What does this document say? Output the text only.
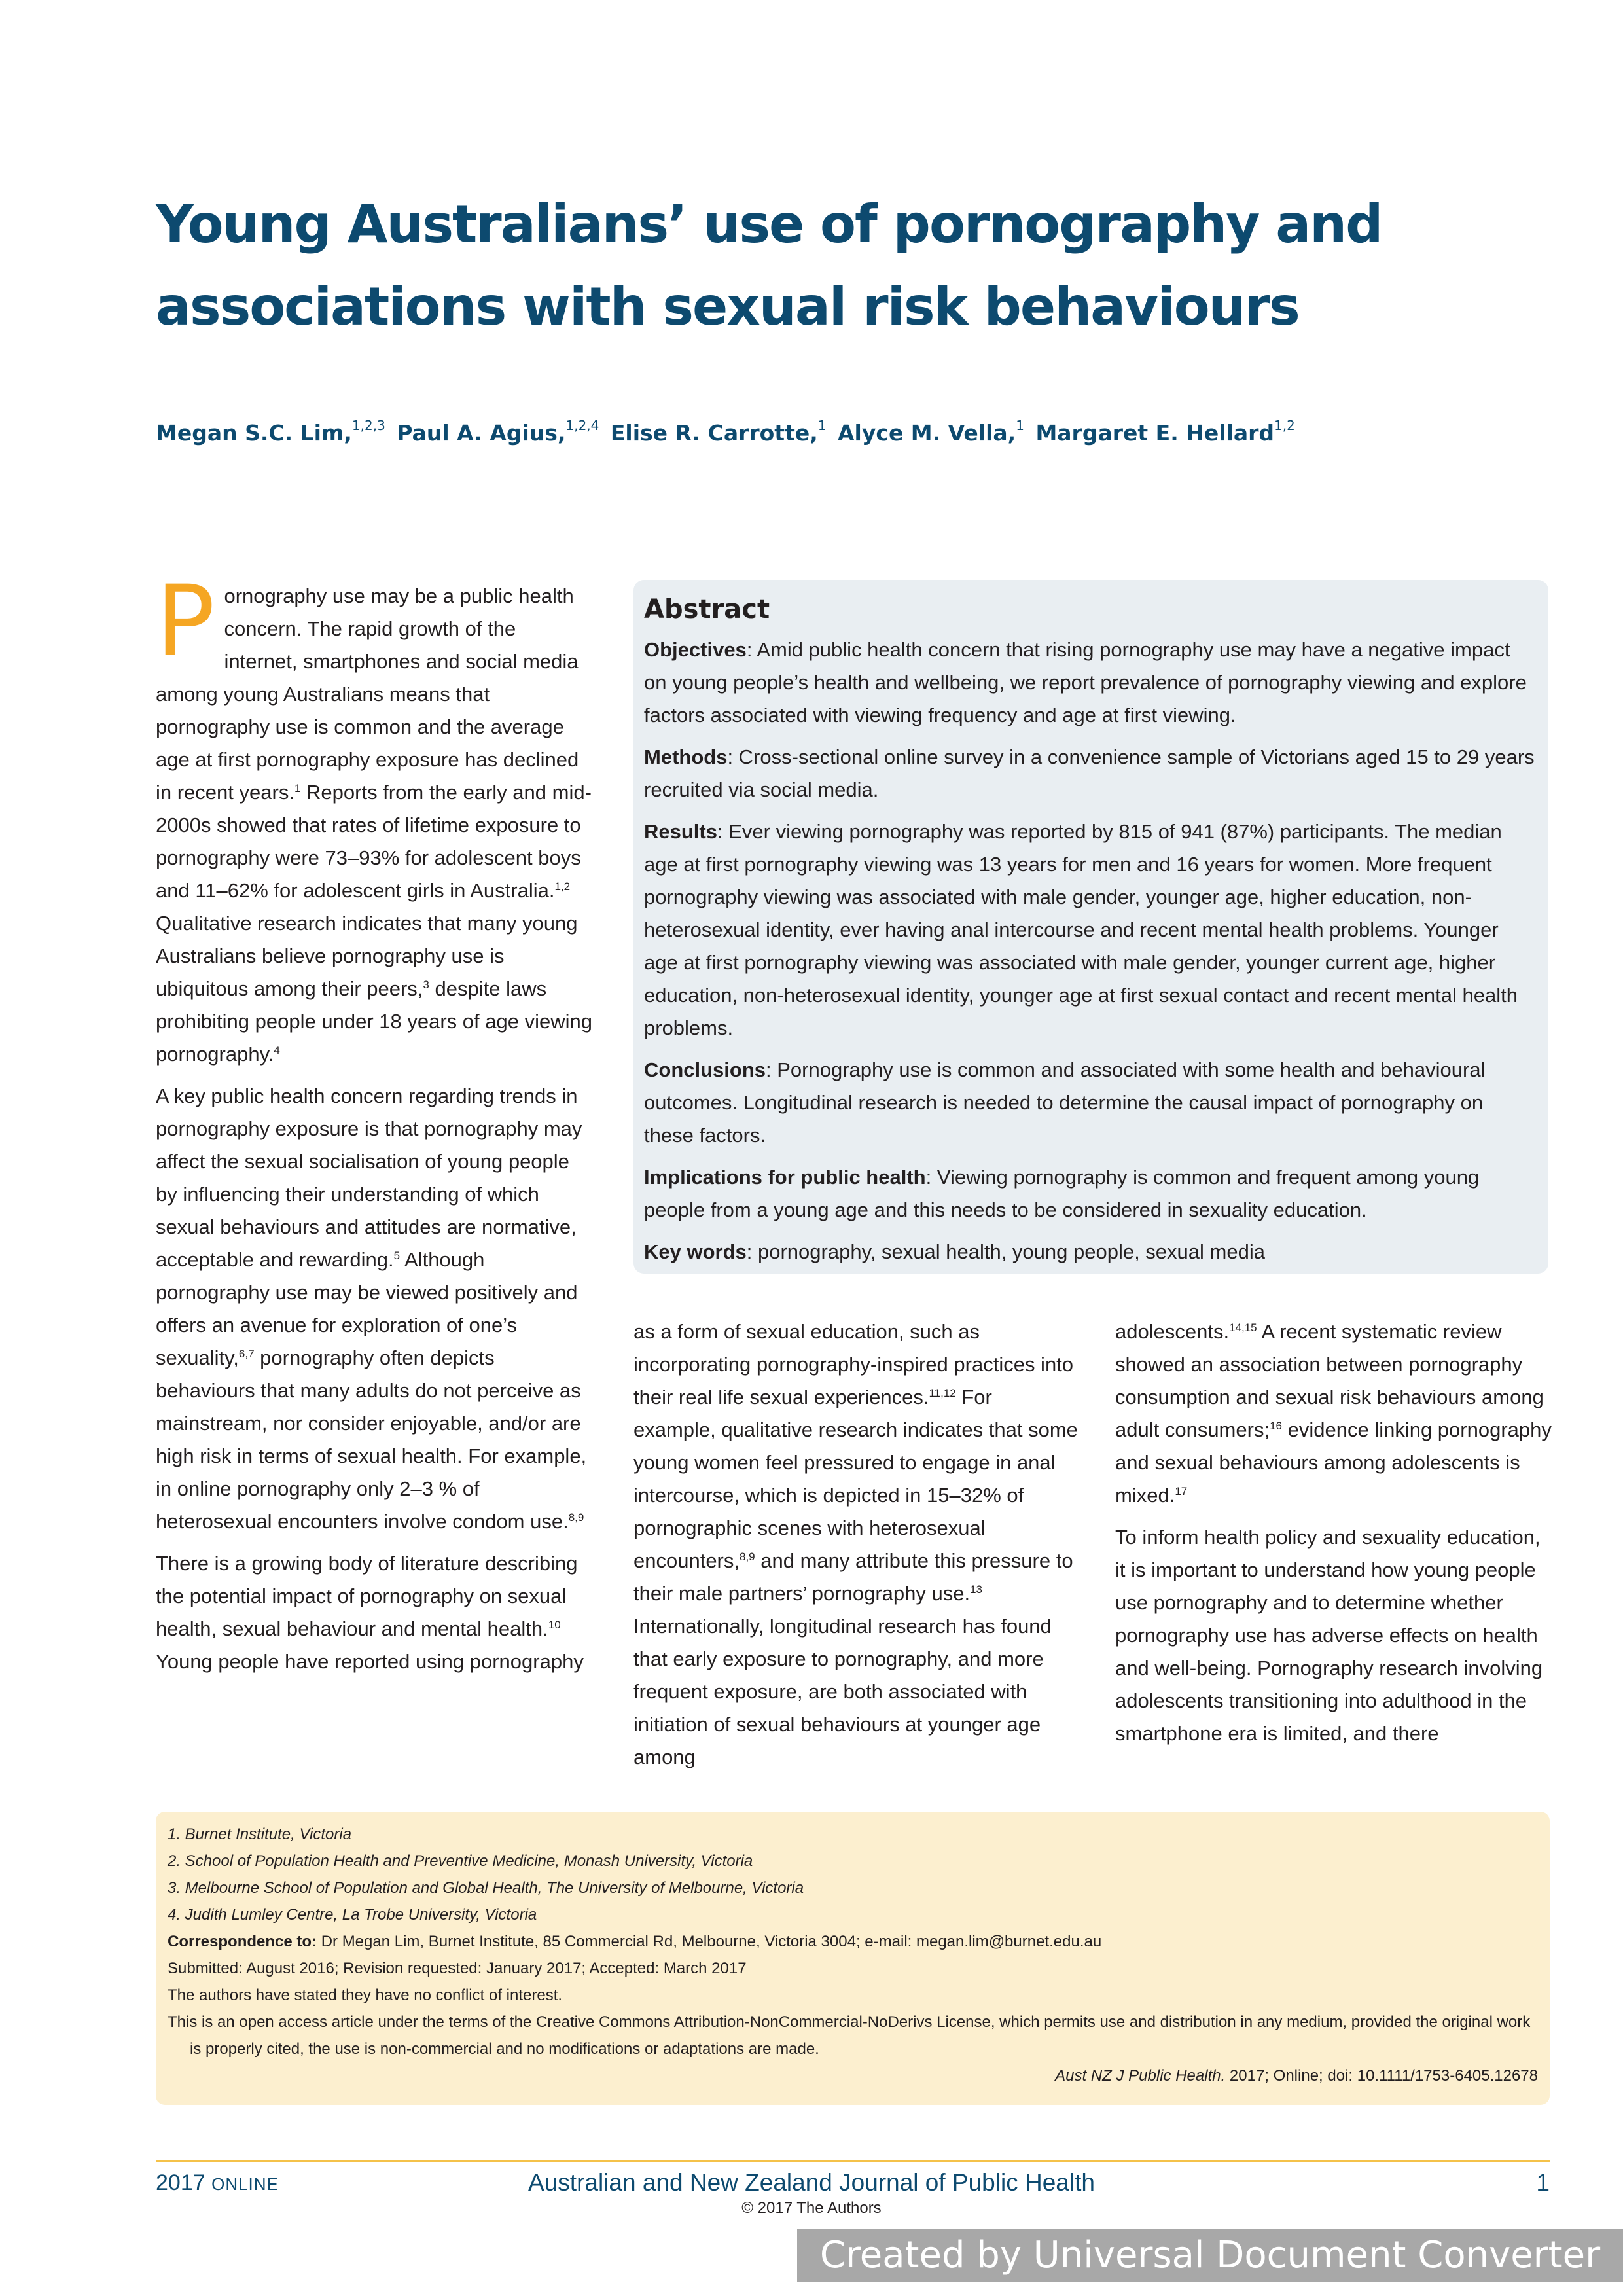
Young Australians’ use of pornography and
associations with sexual risk behaviours
Megan S.C. Lim,$^{1,2,3}$ Paul A. Agius,$^{1,2,4}$ Elise R. Carrotte,$^1$ Alyce M. Vella,$^1$ Margaret E. Hellard$^{1,2}$

Pornography use may be a public health concern. The rapid growth of the internet, smartphones and social media among young Australians means that pornography use is common and the average age at first pornography exposure has declined in recent years.$^1$ Reports from the early and mid-2000s showed that rates of lifetime exposure to pornography were 73–93% for adolescent boys and 11–62% for adolescent girls in Australia.$^{1,2}$ Qualitative research indicates that many young Australians believe pornography use is ubiquitous among their peers,$^3$ despite laws prohibiting people under 18 years of age viewing pornography.$^4$

A key public health concern regarding trends in pornography exposure is that pornography may affect the sexual socialisation of young people by influencing their understanding of which sexual behaviours and attitudes are normative, acceptable and rewarding.$^5$ Although pornography use may be viewed positively and offers an avenue for exploration of one’s sexuality,$^{6,7}$ pornography often depicts behaviours that many adults do not perceive as mainstream, nor consider enjoyable, and/or are high risk in terms of sexual health. For example, in online pornography only 2–3 % of heterosexual encounters involve condom use.$^{8,9}$

There is a growing body of literature describing the potential impact of pornography on sexual health, sexual behaviour and mental health.$^{10}$ Young people have reported using pornography

Abstract

Objectives: Amid public health concern that rising pornography use may have a negative impact on young people’s health and wellbeing, we report prevalence of pornography viewing and explore factors associated with viewing frequency and age at first viewing.

Methods: Cross-sectional online survey in a convenience sample of Victorians aged 15 to 29 years recruited via social media.

Results: Ever viewing pornography was reported by 815 of 941 (87%) participants. The median age at first pornography viewing was 13 years for men and 16 years for women. More frequent pornography viewing was associated with male gender, younger age, higher education, non-heterosexual identity, ever having anal intercourse and recent mental health problems. Younger age at first pornography viewing was associated with male gender, younger current age, higher education, non-heterosexual identity, younger age at first sexual contact and recent mental health problems.

Conclusions: Pornography use is common and associated with some health and behavioural outcomes. Longitudinal research is needed to determine the causal impact of pornography on these factors.

Implications for public health: Viewing pornography is common and frequent among young people from a young age and this needs to be considered in sexuality education.

Key words: pornography, sexual health, young people, sexual media

as a form of sexual education, such as incorporating pornography-inspired practices into their real life sexual experiences.$^{11,12}$ For example, qualitative research indicates that some young women feel pressured to engage in anal intercourse, which is depicted in 15–32% of pornographic scenes with heterosexual encounters,$^{8,9}$ and many attribute this pressure to their male partners’ pornography use.$^{13}$ Internationally, longitudinal research has found that early exposure to pornography, and more frequent exposure, are both associated with initiation of sexual behaviours at younger age among

adolescents.$^{14,15}$ A recent systematic review showed an association between pornography consumption and sexual risk behaviours among adult consumers;$^{16}$ evidence linking pornography and sexual behaviours among adolescents is mixed.$^{17}$

To inform health policy and sexuality education, it is important to understand how young people use pornography and to determine whether pornography use has adverse effects on health and well-being. Pornography research involving adolescents transitioning into adulthood in the smartphone era is limited, and there

1. Burnet Institute, Victoria
2. School of Population Health and Preventive Medicine, Monash University, Victoria
3. Melbourne School of Population and Global Health, The University of Melbourne, Victoria
4. Judith Lumley Centre, La Trobe University, Victoria
Correspondence to: Dr Megan Lim, Burnet Institute, 85 Commercial Rd, Melbourne, Victoria 3004; e-mail: megan.lim@burnet.edu.au
Submitted: August 2016; Revision requested: January 2017; Accepted: March 2017
The authors have stated they have no conflict of interest.
This is an open access article under the terms of the Creative Commons Attribution-NonCommercial-NoDerivs License, which permits use and distribution in any medium, provided the original work is properly cited, the use is non-commercial and no modifications or adaptations are made.
Aust NZ J Public Health. 2017; Online; doi: 10.1111/1753-6405.12678
2017 ONLINE	Australian and New Zealand Journal of Public Health
© 2017 The Authors
1
Created by Universal Document Converter
